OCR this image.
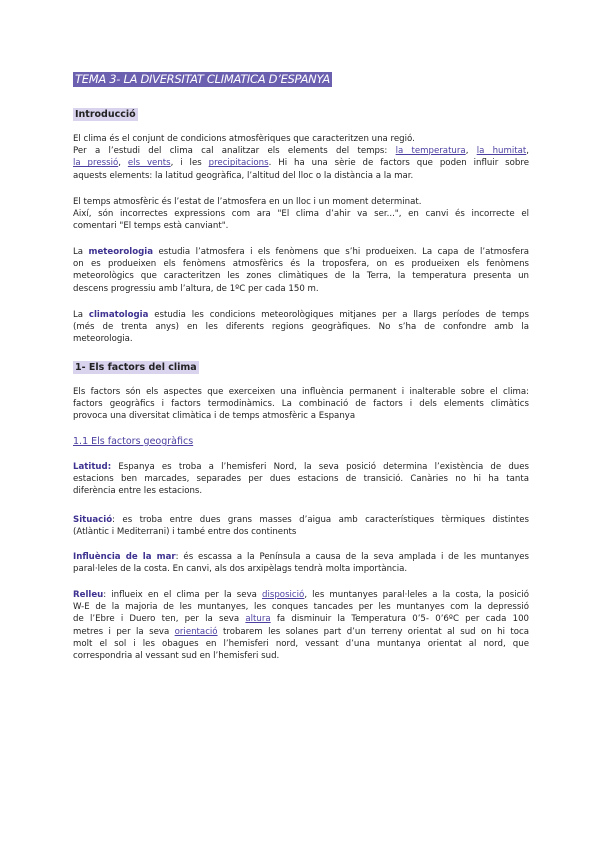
TEMA 3- LA DIVERSITAT CLIMATICA D’ESPANYA
Introducció
El clima és el conjunt de condicions atmosfèriques que caracteritzen una regió.
Per a l’estudi del clima cal analitzar els elements del temps: la temperatura, la humitat,
la pressió, els vents, i les precipitacions. Hi ha una sèrie de factors que poden influir sobre
aquests elements: la latitud geogràfica, l’altitud del lloc o la distància a la mar.
El temps atmosfèric és l’estat de l’atmosfera en un lloc i un moment determinat.
Així, són incorrectes expressions com ara "El clima d’ahir va ser...", en canvi és incorrecte el
comentari "El temps està canviant".
La meteorologia estudia l’atmosfera i els fenòmens que s’hi produeixen. La capa de l’atmosfera
on es produeixen els fenòmens atmosfèrics és la troposfera, on es produeixen els fenòmens
meteorològics que caracteritzen les zones climàtiques de la Terra, la temperatura presenta un
descens progressiu amb l’altura, de 1ºC per cada 150 m.
La climatologia estudia les condicions meteorològiques mitjanes per a llargs períodes de temps
(més de trenta anys) en les diferents regions geogràfiques. No s’ha de confondre amb la
meteorologia.
1- Els factors del clima
Els factors són els aspectes que exerceixen una influència permanent i inalterable sobre el clima:
factors geogràfics i factors termodinàmics. La combinació de factors i dels elements climàtics
provoca una diversitat climàtica i de temps atmosfèric a Espanya
1.1 Els factors geogràfics
Latitud: Espanya es troba a l’hemisferi Nord, la seva posició determina l’existència de dues
estacions ben marcades, separades per dues estacions de transició. Canàries no hi ha tanta
diferència entre les estacions.
Situació: es troba entre dues grans masses d’aigua amb característiques tèrmiques distintes
(Atlàntic i Mediterrani) i també entre dos continents
Influència de la mar: és escassa a la Península a causa de la seva amplada i de les muntanyes
paral·leles de la costa. En canvi, als dos arxipèlags tendrà molta importància.
Relleu: influeix en el clima per la seva disposició, les muntanyes paral·leles a la costa, la posició
W-E de la majoria de les muntanyes, les conques tancades per les muntanyes com la depressió
de l’Ebre i Duero ten, per la seva altura fa disminuir la Temperatura 0’5- 0’6ºC per cada 100
metres i per la seva orientació trobarem les solanes part d’un terreny orientat al sud on hi toca
molt el sol i les obagues en l’hemisferi nord, vessant d’una muntanya orientat al nord, que
correspondria al vessant sud en l’hemisferi sud.
